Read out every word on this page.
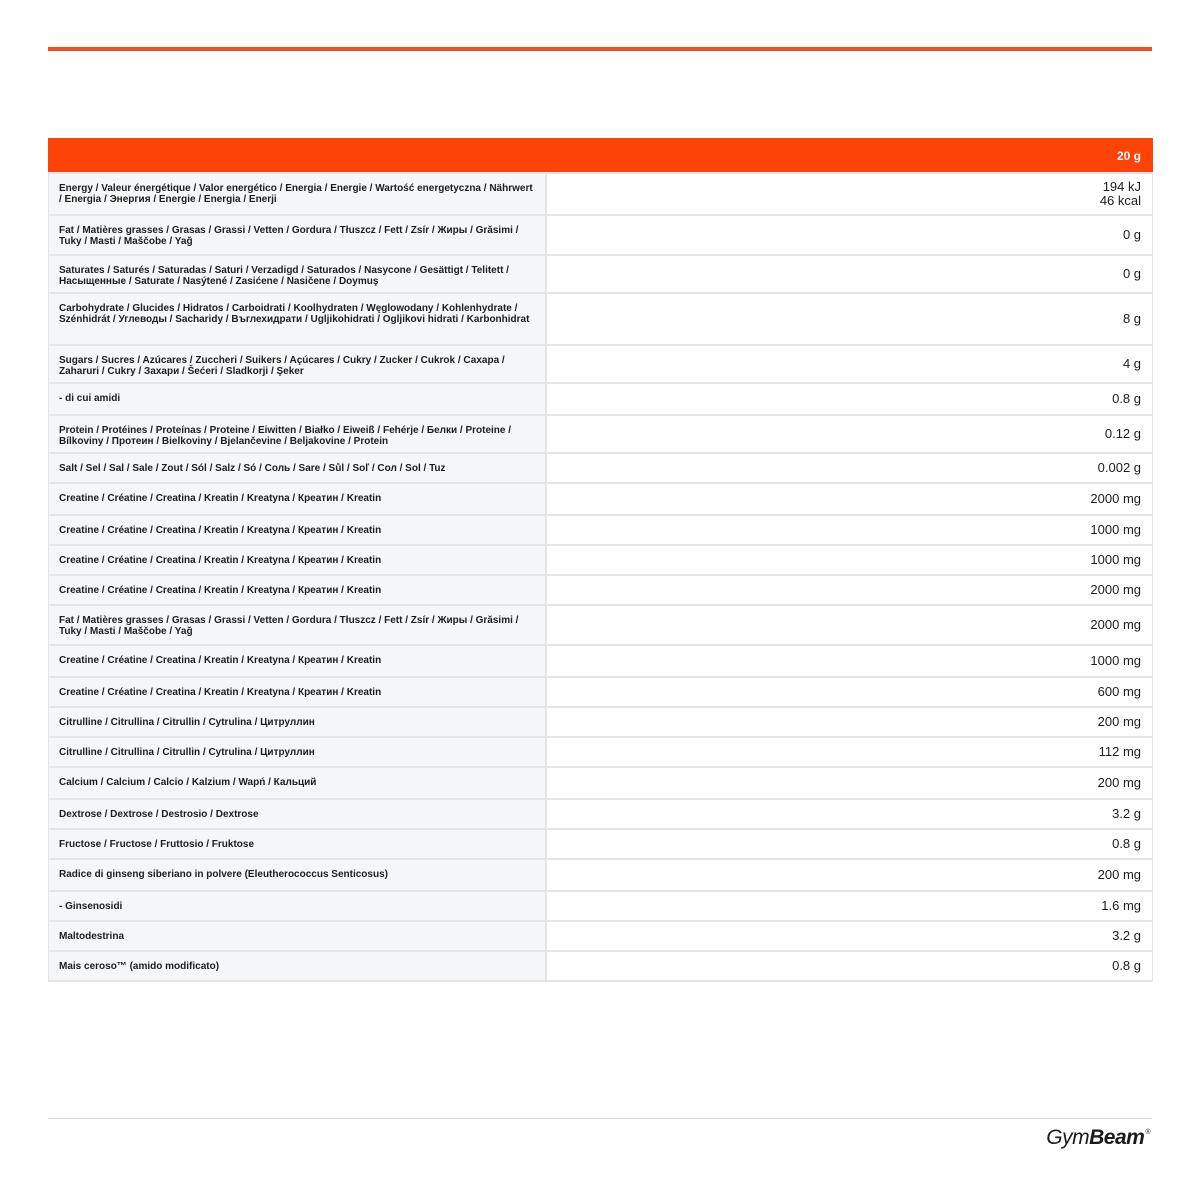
20 g	
Energy / Valeur énergétique / Valor energético / Energia / Energie / Wartość energetyczna / Nährwert / Energia / Энергия / Energie / Energia / Enerji	194 kJ
46 kcal

Fat / Matières grasses / Grasas / Grassi / Vetten / Gordura / Tłuszcz / Fett / Zsír / Жиры / Grăsimi / Tuky / Masti / Maščobe / Yağ	0 g

Saturates / Saturés / Saturadas / Saturi / Verzadigd / Saturados / Nasycone / Gesättigt / Telitett / Насыщенные / Saturate / Nasýtené / Zasićene / Nasičene / Doymuş	0 g

Carbohydrate / Glucides / Hidratos / Carboidrati / Koolhydraten / Węglowodany / Kohlenhydrate / Szénhidrát / Углеводы / Sacharidy / Въглехидрати / Ugljikohidrati / Ogljikovi hidrati / Karbonhidrat	8 g

Sugars / Sucres / Azúcares / Zuccheri / Suikers / Açúcares / Cukry / Zucker / Cukrok / Сахара / Zaharuri / Cukry / Захари / Šećeri / Sladkorji / Şeker	4 g

- di cui amidi	0.8 g

Protein / Protéines / Proteínas / Proteine / Eiwitten / Białko / Eiweiß / Fehérje / Белки / Proteine / Bílkoviny / Протеин / Bielkoviny / Bjelančevine / Beljakovine / Protein	0.12 g

Salt / Sel / Sal / Sale / Zout / Sól / Salz / Só / Соль / Sare / Sůl / Soľ / Сол / Sol / Tuz	0.002 g

Creatine / Créatine / Creatina / Kreatin / Kreatyna / Креатин / Kreatin	2000 mg

Creatine / Créatine / Creatina / Kreatin / Kreatyna / Креатин / Kreatin	1000 mg

Creatine / Créatine / Creatina / Kreatin / Kreatyna / Креатин / Kreatin	1000 mg

Creatine / Créatine / Creatina / Kreatin / Kreatyna / Креатин / Kreatin	2000 mg

Fat / Matières grasses / Grasas / Grassi / Vetten / Gordura / Tłuszcz / Fett / Zsír / Жиры / Grăsimi / Tuky / Masti / Maščobe / Yağ	2000 mg

Creatine / Créatine / Creatina / Kreatin / Kreatyna / Креатин / Kreatin	1000 mg

Creatine / Créatine / Creatina / Kreatin / Kreatyna / Креатин / Kreatin	600 mg

Citrulline / Citrullina / Citrullin / Cytrulina / Цитруллин	200 mg

Citrulline / Citrullina / Citrullin / Cytrulina / Цитруллин	112 mg

Calcium / Calcium / Calcio / Kalzium / Wapń / Кальций	200 mg

Dextrose / Dextrose / Destrosio / Dextrose	3.2 g

Fructose / Fructose / Fruttosio / Fruktose	0.8 g

Radice di ginseng siberiano in polvere (Eleutherococcus Senticosus)	200 mg

- Ginsenosidi	1.6 mg

Maltodestrina	3.2 g

Mais ceroso™ (amido modificato)	0.8 g
GymBeam®
